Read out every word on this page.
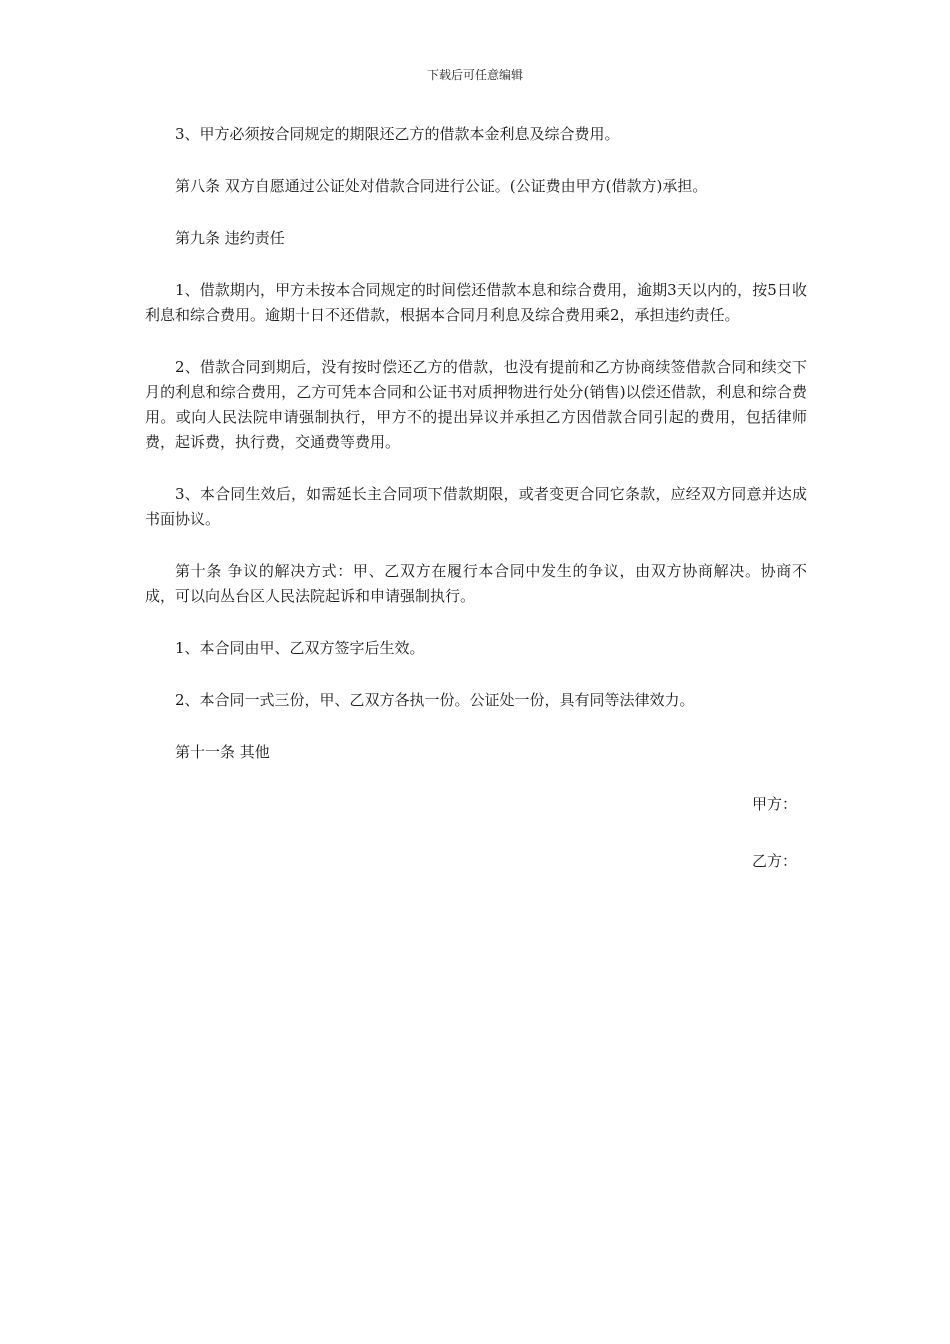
下载后可任意编辑

3、甲方必须按合同规定的期限还乙方的借款本金利息及综合费用。

第八条 双方自愿通过公证处对借款合同进行公证。(公证费由甲方(借款方)承担。

第九条 违约责任

1、借款期内，甲方未按本合同规定的时间偿还借款本息和综合费用，逾期3天以内的，按5日收利息和综合费用。逾期十日不还借款，根据本合同月利息及综合费用乘2，承担违约责任。

2、借款合同到期后，没有按时偿还乙方的借款，也没有提前和乙方协商续签借款合同和续交下月的利息和综合费用，乙方可凭本合同和公证书对质押物进行处分(销售)以偿还借款，利息和综合费用。或向人民法院申请强制执行，甲方不的提出异议并承担乙方因借款合同引起的费用，包括律师费，起诉费，执行费，交通费等费用。

3、本合同生效后，如需延长主合同项下借款期限，或者变更合同它条款，应经双方同意并达成书面协议。

第十条 争议的解决方式：甲、乙双方在履行本合同中发生的争议，由双方协商解决。协商不成，可以向丛台区人民法院起诉和申请强制执行。

1、本合同由甲、乙双方签字后生效。

2、本合同一式三份，甲、乙双方各执一份。公证处一份，具有同等法律效力。

第十一条 其他

甲方：

乙方：
